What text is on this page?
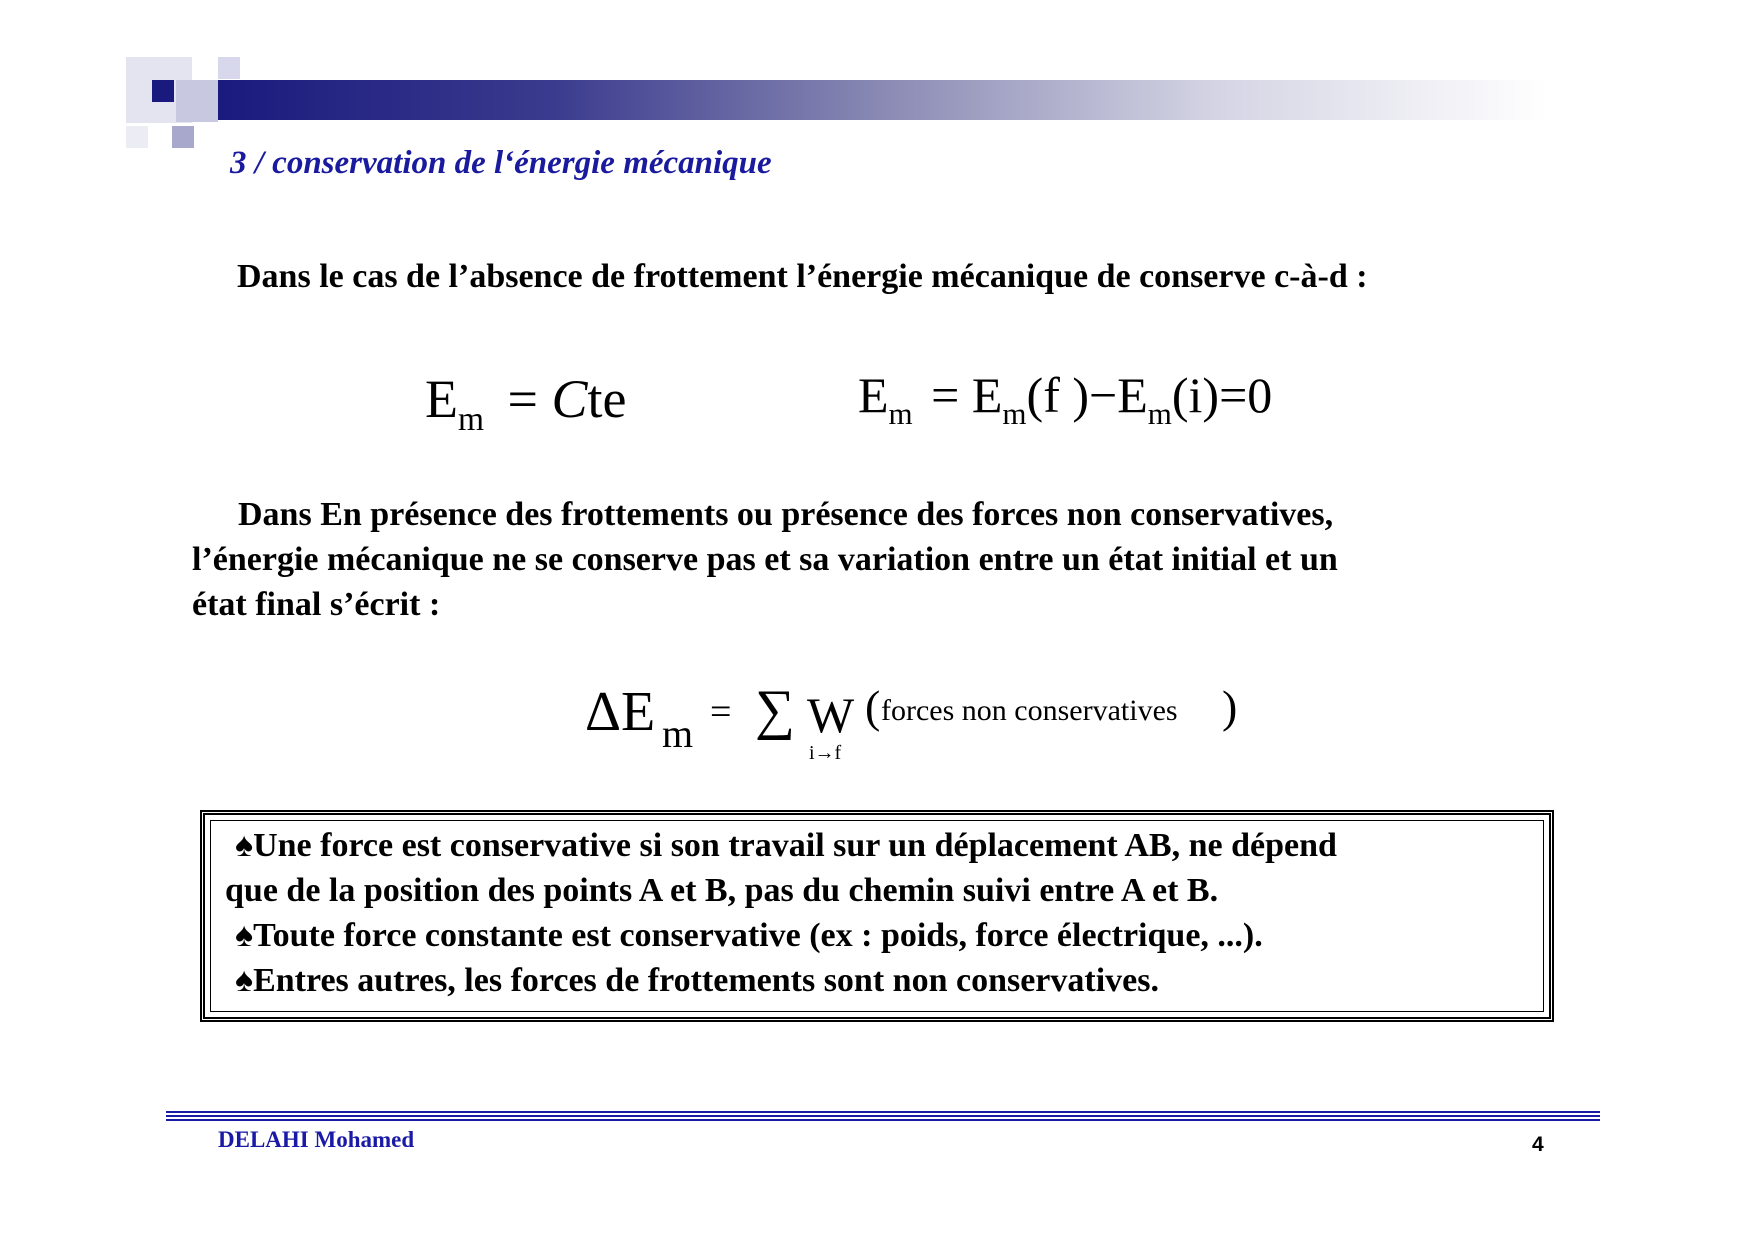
3 / conservation de l‘énergie mécanique
Dans le cas de l’absence de frottement l’énergie mécanique de conserve c-à-d :
$E_m$ = Cte	$E_m = E_m(f$ )$-E_m(i)=0$
Dans En présence des frottements ou présence des forces non conservatives,
l’énergie mécanique ne se conserve pas et sa variation entre un état initial et un
état final s’écrit :
ΔE m = ∑ W
i→f
( forces non conservatives )
♠Une force est conservative si son travail sur un déplacement AB, ne dépend
que de la position des points A et B, pas du chemin suivi entre A et B.
♠Toute force constante est conservative (ex : poids, force électrique, ...).
♠Entres autres, les forces de frottements sont non conservatives.
DELAHI Mohamed	4
